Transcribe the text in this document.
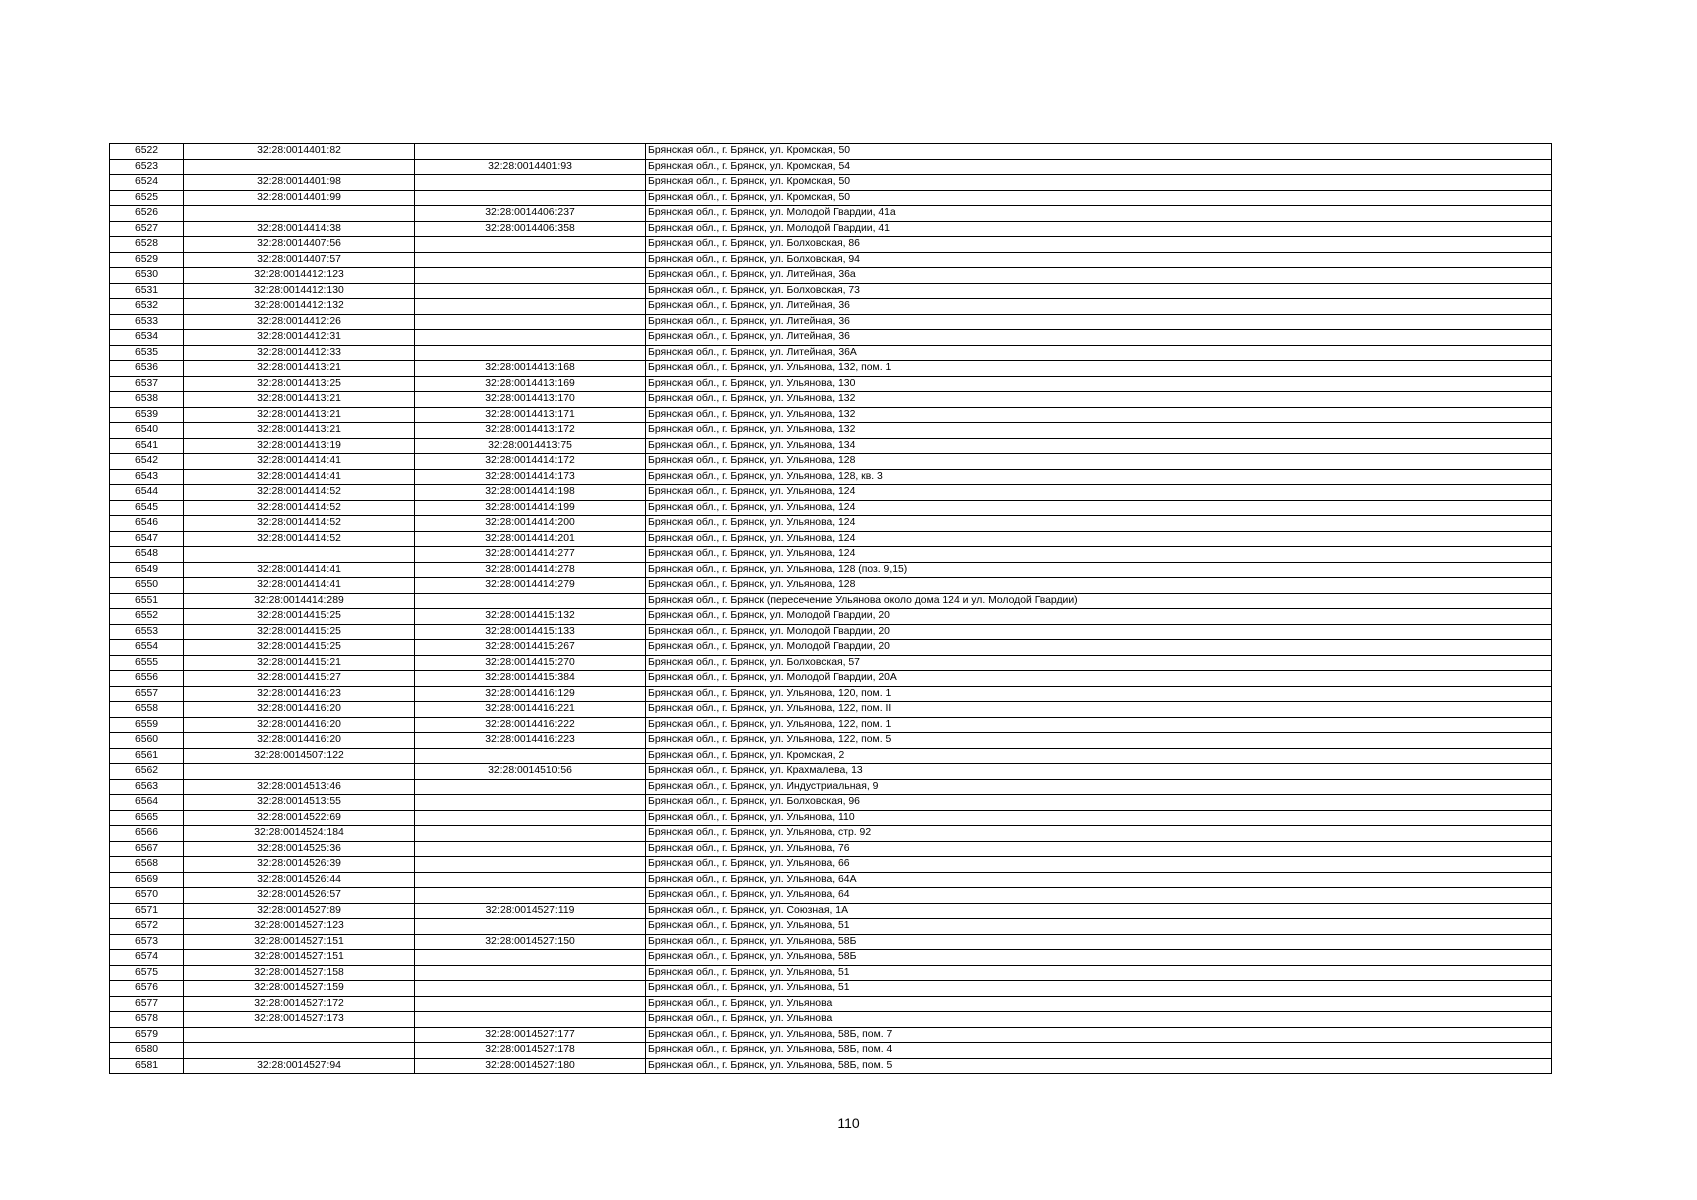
6522	32:28:0014401:82		Брянская обл., г. Брянск, ул. Кромская, 50
6523		32:28:0014401:93	Брянская обл., г. Брянск, ул. Кромская, 54
6524	32:28:0014401:98		Брянская обл., г. Брянск, ул. Кромская, 50
6525	32:28:0014401:99		Брянская обл., г. Брянск, ул. Кромская, 50
6526		32:28:0014406:237	Брянская обл., г. Брянск, ул. Молодой Гвардии, 41а
6527	32:28:0014414:38	32:28:0014406:358	Брянская обл., г. Брянск, ул. Молодой Гвардии, 41
6528	32:28:0014407:56		Брянская обл., г. Брянск, ул. Болховская, 86
6529	32:28:0014407:57		Брянская обл., г. Брянск, ул. Болховская, 94
6530	32:28:0014412:123		Брянская обл., г. Брянск, ул. Литейная, 36а
6531	32:28:0014412:130		Брянская обл., г. Брянск, ул. Болховская, 73
6532	32:28:0014412:132		Брянская обл., г. Брянск, ул. Литейная, 36
6533	32:28:0014412:26		Брянская обл., г. Брянск, ул. Литейная, 36
6534	32:28:0014412:31		Брянская обл., г. Брянск, ул. Литейная, 36
6535	32:28:0014412:33		Брянская обл., г. Брянск, ул. Литейная, 36А
6536	32:28:0014413:21	32:28:0014413:168	Брянская обл., г. Брянск, ул. Ульянова, 132, пом. 1
6537	32:28:0014413:25	32:28:0014413:169	Брянская обл., г. Брянск, ул. Ульянова, 130
6538	32:28:0014413:21	32:28:0014413:170	Брянская обл., г. Брянск, ул. Ульянова, 132
6539	32:28:0014413:21	32:28:0014413:171	Брянская обл., г. Брянск, ул. Ульянова, 132
6540	32:28:0014413:21	32:28:0014413:172	Брянская обл., г. Брянск, ул. Ульянова, 132
6541	32:28:0014413:19	32:28:0014413:75	Брянская обл., г. Брянск, ул. Ульянова, 134
6542	32:28:0014414:41	32:28:0014414:172	Брянская обл., г. Брянск, ул. Ульянова, 128
6543	32:28:0014414:41	32:28:0014414:173	Брянская обл., г. Брянск, ул. Ульянова, 128, кв. 3
6544	32:28:0014414:52	32:28:0014414:198	Брянская обл., г. Брянск, ул. Ульянова, 124
6545	32:28:0014414:52	32:28:0014414:199	Брянская обл., г. Брянск, ул. Ульянова, 124
6546	32:28:0014414:52	32:28:0014414:200	Брянская обл., г. Брянск, ул. Ульянова, 124
6547	32:28:0014414:52	32:28:0014414:201	Брянская обл., г. Брянск, ул. Ульянова, 124
6548		32:28:0014414:277	Брянская обл., г. Брянск, ул. Ульянова, 124
6549	32:28:0014414:41	32:28:0014414:278	Брянская обл., г. Брянск, ул. Ульянова, 128 (поз. 9,15)
6550	32:28:0014414:41	32:28:0014414:279	Брянская обл., г. Брянск, ул. Ульянова, 128
6551	32:28:0014414:289		Брянская обл., г. Брянск (пересечение Ульянова около дома 124 и ул. Молодой Гвардии)
6552	32:28:0014415:25	32:28:0014415:132	Брянская обл., г. Брянск, ул. Молодой Гвардии, 20
6553	32:28:0014415:25	32:28:0014415:133	Брянская обл., г. Брянск, ул. Молодой Гвардии, 20
6554	32:28:0014415:25	32:28:0014415:267	Брянская обл., г. Брянск, ул. Молодой Гвардии, 20
6555	32:28:0014415:21	32:28:0014415:270	Брянская обл., г. Брянск, ул. Болховская, 57
6556	32:28:0014415:27	32:28:0014415:384	Брянская обл., г. Брянск, ул. Молодой Гвардии, 20А
6557	32:28:0014416:23	32:28:0014416:129	Брянская обл., г. Брянск, ул. Ульянова, 120, пом. 1
6558	32:28:0014416:20	32:28:0014416:221	Брянская обл., г. Брянск, ул. Ульянова, 122, пом. II
6559	32:28:0014416:20	32:28:0014416:222	Брянская обл., г. Брянск, ул. Ульянова, 122, пом. 1
6560	32:28:0014416:20	32:28:0014416:223	Брянская обл., г. Брянск, ул. Ульянова, 122, пом. 5
6561	32:28:0014507:122		Брянская обл., г. Брянск, ул. Кромская, 2
6562		32:28:0014510:56	Брянская обл., г. Брянск, ул. Крахмалева, 13
6563	32:28:0014513:46		Брянская обл., г. Брянск, ул. Индустриальная, 9
6564	32:28:0014513:55		Брянская обл., г. Брянск, ул. Болховская, 96
6565	32:28:0014522:69		Брянская обл., г. Брянск, ул. Ульянова, 110
6566	32:28:0014524:184		Брянская обл., г. Брянск, ул. Ульянова, стр. 92
6567	32:28:0014525:36		Брянская обл., г. Брянск, ул. Ульянова, 76
6568	32:28:0014526:39		Брянская обл., г. Брянск, ул. Ульянова, 66
6569	32:28:0014526:44		Брянская обл., г. Брянск, ул. Ульянова, 64А
6570	32:28:0014526:57		Брянская обл., г. Брянск, ул. Ульянова, 64
6571	32:28:0014527:89	32:28:0014527:119	Брянская обл., г. Брянск, ул. Союзная, 1А
6572	32:28:0014527:123		Брянская обл., г. Брянск, ул. Ульянова, 51
6573	32:28:0014527:151	32:28:0014527:150	Брянская обл., г. Брянск, ул. Ульянова, 58Б
6574	32:28:0014527:151		Брянская обл., г. Брянск, ул. Ульянова, 58Б
6575	32:28:0014527:158		Брянская обл., г. Брянск, ул. Ульянова, 51
6576	32:28:0014527:159		Брянская обл., г. Брянск, ул. Ульянова, 51
6577	32:28:0014527:172		Брянская обл., г. Брянск, ул. Ульянова
6578	32:28:0014527:173		Брянская обл., г. Брянск, ул. Ульянова
6579		32:28:0014527:177	Брянская обл., г. Брянск, ул. Ульянова, 58Б, пом. 7
6580		32:28:0014527:178	Брянская обл., г. Брянск, ул. Ульянова, 58Б, пом. 4
6581	32:28:0014527:94	32:28:0014527:180	Брянская обл., г. Брянск, ул. Ульянова, 58Б, пом. 5
110
